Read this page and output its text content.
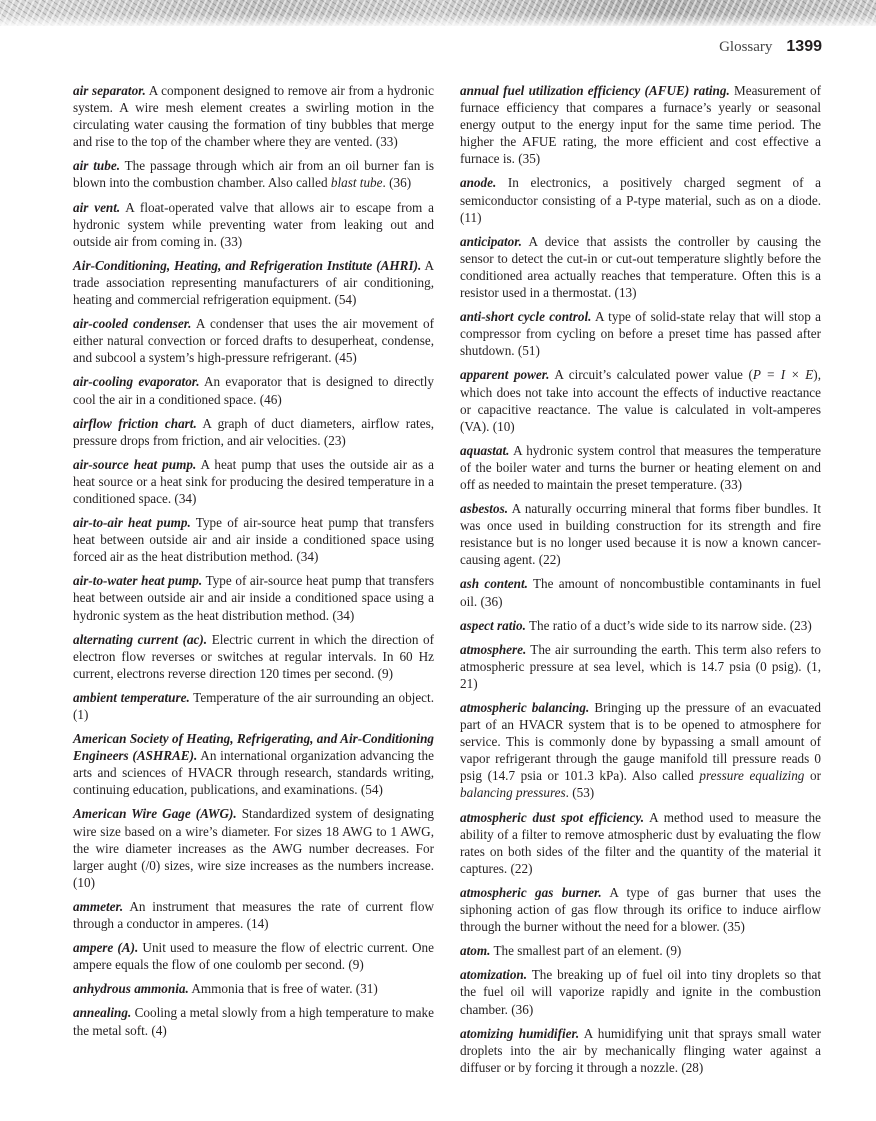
Glossary 1399

air separator. A component designed to remove air from a hydronic system. A wire mesh element creates a swirling motion in the circulating water causing the formation of tiny bubbles that merge and rise to the top of the chamber where they are vented. (33)

air tube. The passage through which air from an oil burner fan is blown into the combustion chamber. Also called blast tube. (36)

air vent. A float-operated valve that allows air to escape from a hydronic system while preventing water from leaking out and outside air from coming in. (33)

Air-Conditioning, Heating, and Refrigeration Institute (AHRI). A trade association representing manufacturers of air conditioning, heating and commercial refrigeration equipment. (54)

air-cooled condenser. A condenser that uses the air movement of either natural convection or forced drafts to desuperheat, condense, and subcool a system’s high-pressure refrigerant. (45)

air-cooling evaporator. An evaporator that is designed to directly cool the air in a conditioned space. (46)

airflow friction chart. A graph of duct diameters, airflow rates, pressure drops from friction, and air velocities. (23)

air-source heat pump. A heat pump that uses the outside air as a heat source or a heat sink for producing the desired temperature in a conditioned space. (34)

air-to-air heat pump. Type of air-source heat pump that transfers heat between outside air and air inside a conditioned space using forced air as the heat distribution method. (34)

air-to-water heat pump. Type of air-source heat pump that transfers heat between outside air and air inside a conditioned space using a hydronic system as the heat distribution method. (34)

alternating current (ac). Electric current in which the direction of electron flow reverses or switches at regular intervals. In 60 Hz current, electrons reverse direction 120 times per second. (9)

ambient temperature. Temperature of the air surrounding an object. (1)

American Society of Heating, Refrigerating, and Air-Conditioning Engineers (ASHRAE). An international organization advancing the arts and sciences of HVACR through research, standards writing, continuing education, publications, and examinations. (54)

American Wire Gage (AWG). Standardized system of designating wire size based on a wire’s diameter. For sizes 18 AWG to 1 AWG, the wire diameter increases as the AWG number decreases. For larger aught (/0) sizes, wire size increases as the numbers increase. (10)

ammeter. An instrument that measures the rate of current flow through a conductor in amperes. (14)

ampere (A). Unit used to measure the flow of electric current. One ampere equals the flow of one coulomb per second. (9)

anhydrous ammonia. Ammonia that is free of water. (31)

annealing. Cooling a metal slowly from a high temperature to make the metal soft. (4)

annual fuel utilization efficiency (AFUE) rating. Measurement of furnace efficiency that compares a furnace’s yearly or seasonal energy output to the energy input for the same time period. The higher the AFUE rating, the more efficient and cost effective a furnace is. (35)

anode. In electronics, a positively charged segment of a semiconductor consisting of a P-type material, such as on a diode. (11)

anticipator. A device that assists the controller by causing the sensor to detect the cut-in or cut-out temperature slightly before the conditioned area actually reaches that temperature. Often this is a resistor used in a thermostat. (13)

anti-short cycle control. A type of solid-state relay that will stop a compressor from cycling on before a preset time has passed after shutdown. (51)

apparent power. A circuit’s calculated power value (P = I × E), which does not take into account the effects of inductive reactance or capacitive reactance. The value is calculated in volt-amperes (VA). (10)

aquastat. A hydronic system control that measures the temperature of the boiler water and turns the burner or heating element on and off as needed to maintain the preset temperature. (33)

asbestos. A naturally occurring mineral that forms fiber bundles. It was once used in building construction for its strength and fire resistance but is no longer used because it is now a known cancer-causing agent. (22)

ash content. The amount of noncombustible contaminants in fuel oil. (36)

aspect ratio. The ratio of a duct’s wide side to its narrow side. (23)

atmosphere. The air surrounding the earth. This term also refers to atmospheric pressure at sea level, which is 14.7 psia (0 psig). (1, 21)

atmospheric balancing. Bringing up the pressure of an evacuated part of an HVACR system that is to be opened to atmosphere for service. This is commonly done by bypassing a small amount of vapor refrigerant through the gauge manifold till pressure reads 0 psig (14.7 psia or 101.3 kPa). Also called pressure equalizing or balancing pressures. (53)

atmospheric dust spot efficiency. A method used to measure the ability of a filter to remove atmospheric dust by evaluating the flow rates on both sides of the filter and the quantity of the material it captures. (22)

atmospheric gas burner. A type of gas burner that uses the siphoning action of gas flow through its orifice to induce airflow through the burner without the need for a blower. (35)

atom. The smallest part of an element. (9)

atomization. The breaking up of fuel oil into tiny droplets so that the fuel oil will vaporize rapidly and ignite in the combustion chamber. (36)

atomizing humidifier. A humidifying unit that sprays small water droplets into the air by mechanically flinging water against a diffuser or by forcing it through a nozzle. (28)
